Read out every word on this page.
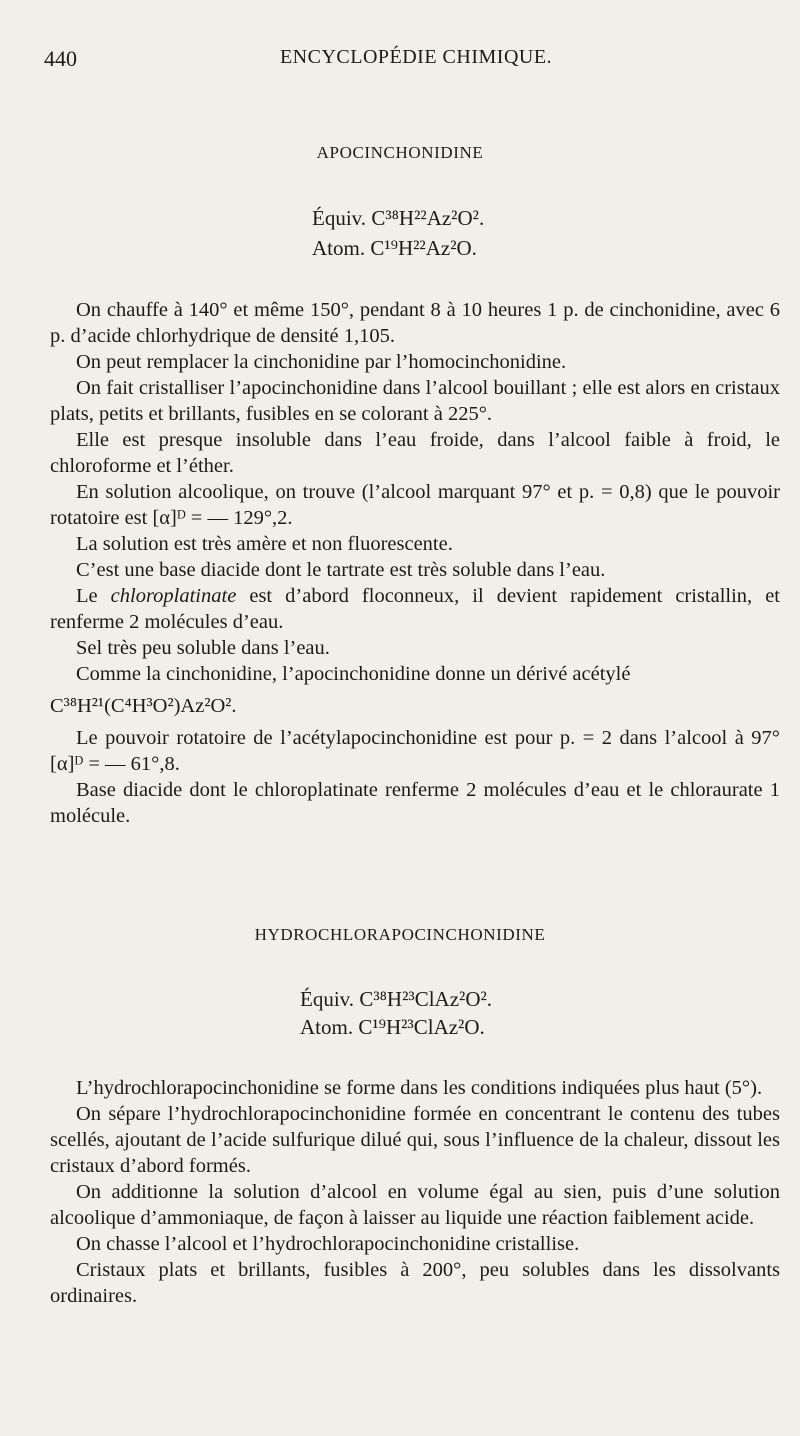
440	ENCYCLOPÉDIE CHIMIQUE.
APOCINCHONIDINE
Équiv. C³⁸H²²Az²O².
Atom. C¹⁹H²²Az²O.

On chauffe à 140° et même 150°, pendant 8 à 10 heures 1 p. de cinchonidine, avec 6 p. d’acide chlorhydrique de densité 1,105.

On peut remplacer la cinchonidine par l’homocinchonidine.

On fait cristalliser l’apocinchonidine dans l’alcool bouillant ; elle est alors en cristaux plats, petits et brillants, fusibles en se colorant à 225°.

Elle est presque insoluble dans l’eau froide, dans l’alcool faible à froid, le chloroforme et l’éther.

En solution alcoolique, on trouve (l’alcool marquant 97° et p. = 0,8) que le pouvoir rotatoire est [α]ᴰ = — 129°,2.

La solution est très amère et non fluorescente.

C’est une base diacide dont le tartrate est très soluble dans l’eau.

Le chloroplatinate est d’abord floconneux, il devient rapidement cristallin, et renferme 2 molécules d’eau.

Sel très peu soluble dans l’eau.

Comme la cinchonidine, l’apocinchonidine donne un dérivé acétylé

C³⁸H²¹(C⁴H³O²)Az²O².

Le pouvoir rotatoire de l’acétylapocinchonidine est pour p. = 2 dans l’alcool à 97° [α]ᴰ = — 61°,8.

Base diacide dont le chloroplatinate renferme 2 molécules d’eau et le chloraurate 1 molécule.

HYDROCHLORAPOCINCHONIDINE
Équiv. C³⁸H²³ClAz²O².
Atom. C¹⁹H²³ClAz²O.

L’hydrochlorapocinchonidine se forme dans les conditions indiquées plus haut (5°).

On sépare l’hydrochlorapocinchonidine formée en concentrant le contenu des tubes scellés, ajoutant de l’acide sulfurique dilué qui, sous l’influence de la chaleur, dissout les cristaux d’abord formés.

On additionne la solution d’alcool en volume égal au sien, puis d’une solution alcoolique d’ammoniaque, de façon à laisser au liquide une réaction faiblement acide.

On chasse l’alcool et l’hydrochlorapocinchonidine cristallise.

Cristaux plats et brillants, fusibles à 200°, peu solubles dans les dissolvants ordinaires.
